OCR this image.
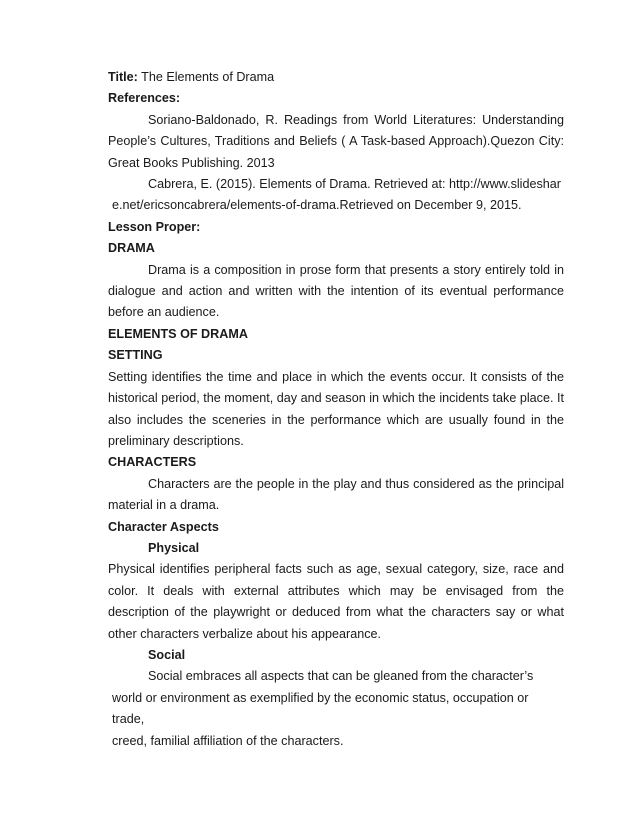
Title: The Elements of Drama

References:

Soriano-Baldonado, R. Readings from World Literatures: Understanding People’s Cultures, Traditions and Beliefs ( A Task-based Approach).Quezon City: Great Books Publishing. 2013

Cabrera, E. (2015). Elements of Drama. Retrieved at: http://www.slideshar

e.net/ericsoncabrera/elements-of-drama.Retrieved on December 9, 2015.

Lesson Proper:

DRAMA

Drama is a composition in prose form that presents a story entirely told in dialogue and action and written with the intention of its eventual performance before an audience.

ELEMENTS OF DRAMA

SETTING

Setting identifies the time and place in which the events occur. It consists of the historical period, the moment, day and season in which the incidents take place. It also includes the sceneries in the performance which are usually found in the preliminary descriptions.

CHARACTERS

Characters are the people in the play and thus considered as the principal material in a drama.

Character Aspects

Physical

Physical identifies peripheral facts such as age, sexual category, size, race and color. It deals with external attributes which may be envisaged from the description of the playwright or deduced from what the characters say or what other characters verbalize about his appearance.

Social

Social embraces all aspects that can be gleaned from the character’s

world or environment as exemplified by the economic status, occupation or trade,

creed, familial affiliation of the characters.
